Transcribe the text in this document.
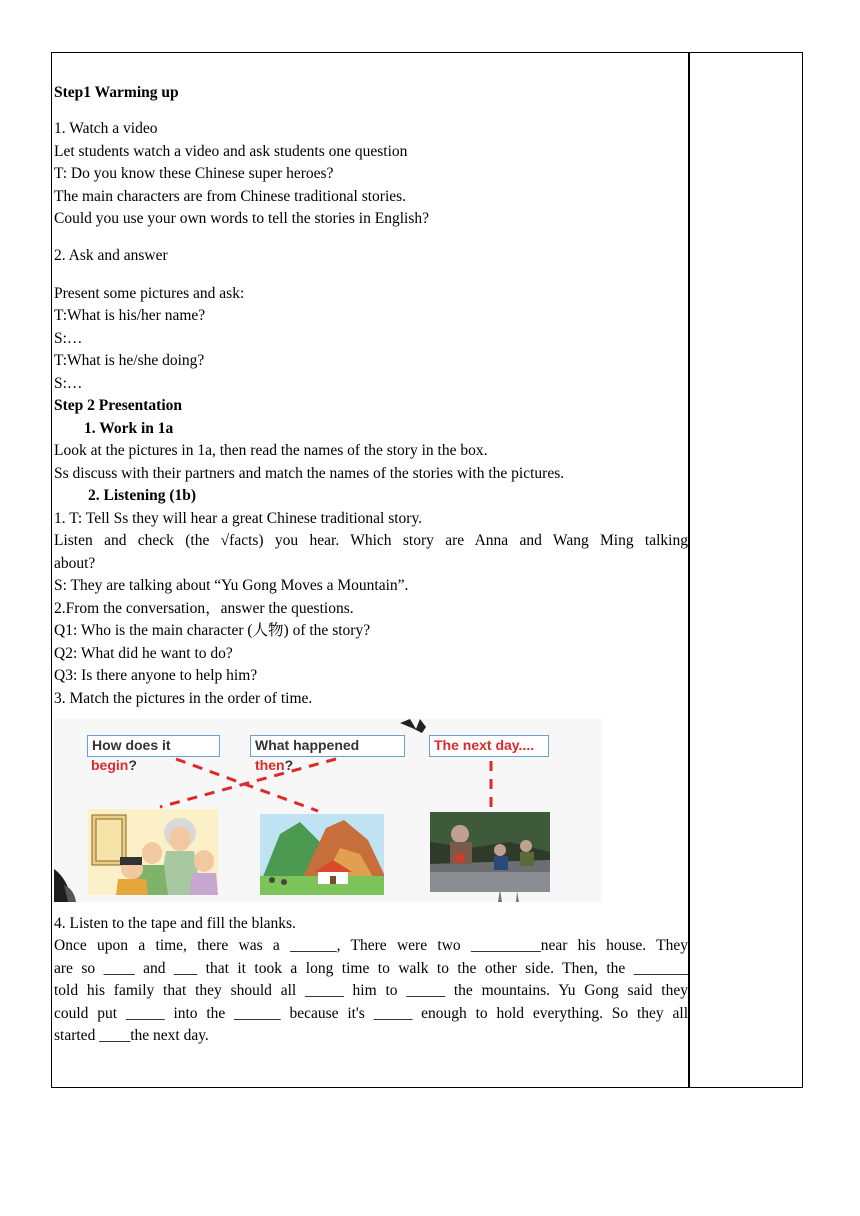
Step1 Warming up
1. Watch a video
Let students watch a video and ask students one question
T: Do you know these Chinese super heroes?
The main characters are from Chinese traditional stories.
Could you use your own words to tell the stories in English?
2. Ask and answer
Present some pictures and ask:
T:What is his/her name?
S:…
T:What is he/she doing?
S:…
Step 2 Presentation
1. Work in 1a
Look at the pictures in 1a, then read the names of the story in the box.
Ss discuss with their partners and match the names of the stories with the pictures.
2. Listening (1b)
1. T: Tell Ss they will hear a great Chinese traditional story.
Listen and check (the √facts) you hear. Which story are Anna and Wang Ming talking
about?
S: They are talking about “Yu Gong Moves a Mountain”.
2.From the conversation，answer the questions.
Q1: Who is the main character (人物) of the story?
Q2: What did he want to do?
Q3: Is there anyone to help him?
3. Match the pictures in the order of time.
How does it
begin?
What happened
then?
The next day....
4. Listen to the tape and fill the blanks.
Once upon a time, there was a ______, There were two _________near his house. They
are so ____ and ___ that it took a long time to walk to the other side. Then, the _______
told his family that they should all _____ him to _____ the mountains. Yu Gong said they
could put _____ into the ______ because it's _____ enough to hold everything. So they all
started ____the next day.
